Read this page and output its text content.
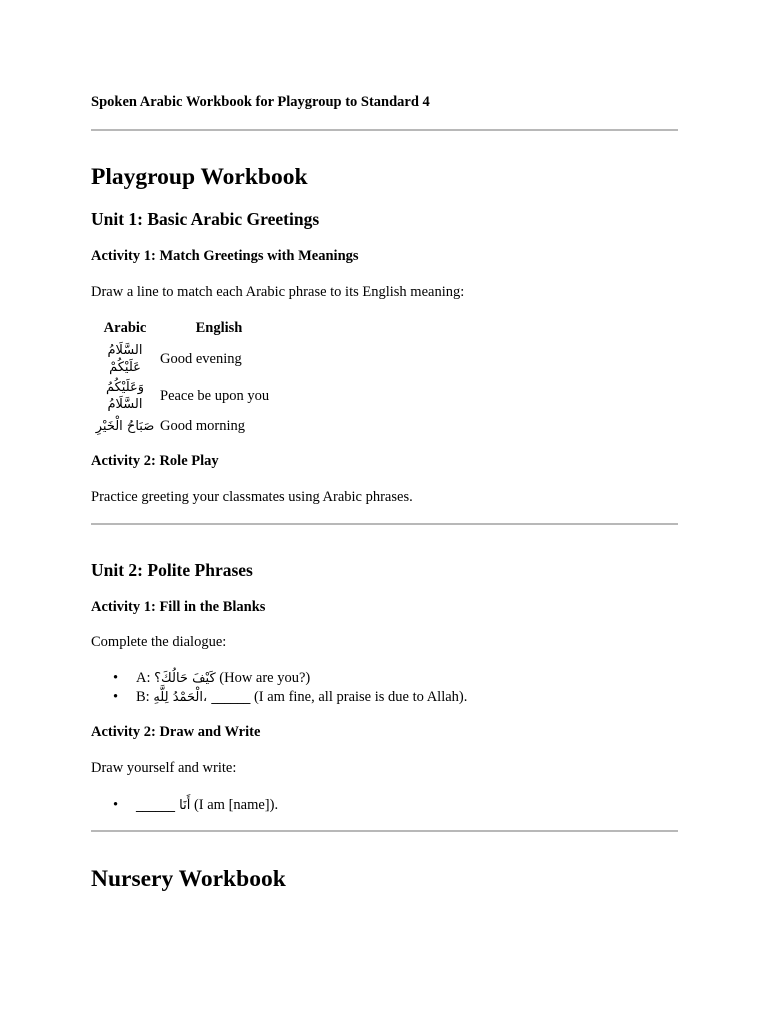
Spoken Arabic Workbook for Playgroup to Standard 4
Playgroup Workbook
Unit 1: Basic Arabic Greetings
Activity 1: Match Greetings with Meanings
Draw a line to match each Arabic phrase to its English meaning:
Arabic	English
السَّلَامُ عَلَيْكُمْ	Good evening
وَعَلَيْكُمُ السَّلَامُ	Peace be upon you
صَبَاحُ الْخَيْرِ	Good morning
Activity 2: Role Play
Practice greeting your classmates using Arabic phrases.
Unit 2: Polite Phrases
Activity 1: Fill in the Blanks
Complete the dialogue:
• A: كَيْفَ حَالُكَ؟ (How are you?)
• B: ______ ،الْحَمْدُ لِلَّهِ (I am fine, all praise is due to Allah).
Activity 2: Draw and Write
Draw yourself and write:
• أَنَا ______ (I am [name]).
Nursery Workbook
